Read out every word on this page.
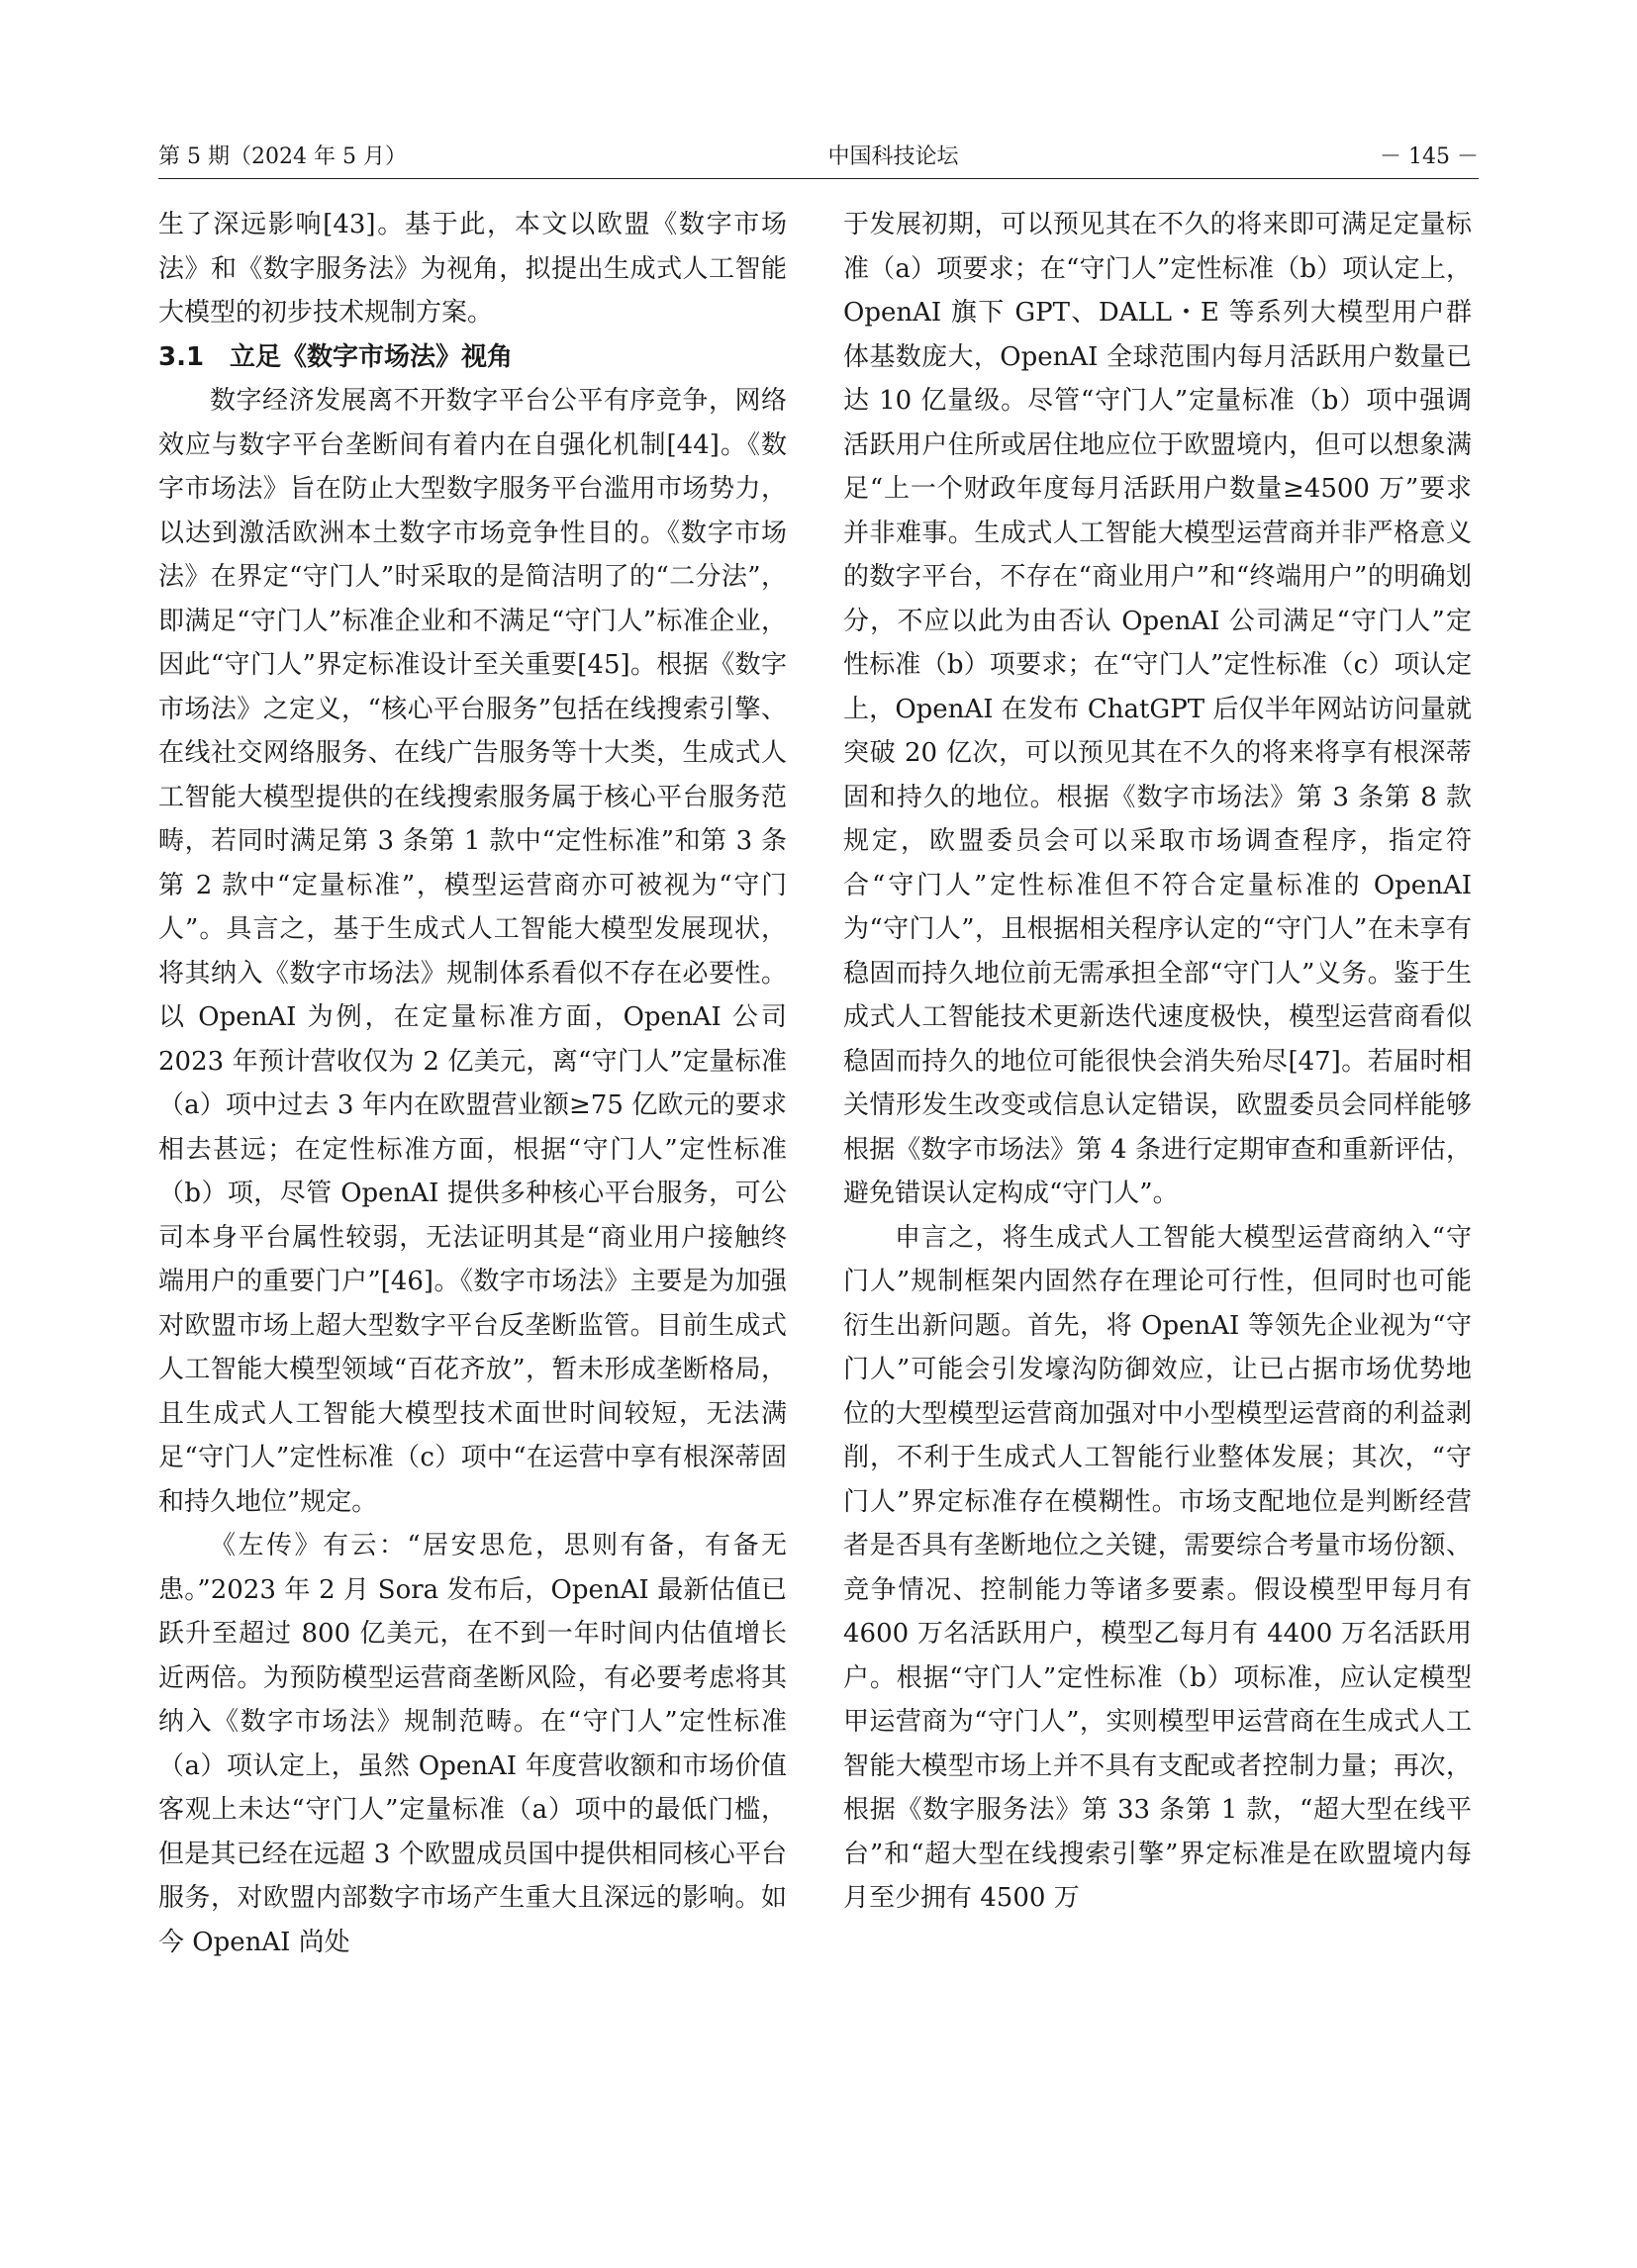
第 5 期（2024 年 5 月）	中国科技论坛	－ 145 －

生了深远影响[43]。基于此，本文以欧盟《数字市场法》和《数字服务法》为视角，拟提出生成式人工智能大模型的初步技术规制方案。

3.1　立足《数字市场法》视角

数字经济发展离不开数字平台公平有序竞争，网络效应与数字平台垄断间有着内在自强化机制[44]。《数字市场法》旨在防止大型数字服务平台滥用市场势力，以达到激活欧洲本土数字市场竞争性目的。《数字市场法》在界定“守门人”时采取的是简洁明了的“二分法”，即满足“守门人”标准企业和不满足“守门人”标准企业，因此“守门人”界定标准设计至关重要[45]。根据《数字市场法》之定义，“核心平台服务”包括在线搜索引擎、在线社交网络服务、在线广告服务等十大类，生成式人工智能大模型提供的在线搜索服务属于核心平台服务范畴，若同时满足第 3 条第 1 款中“定性标准”和第 3 条第 2 款中“定量标准”，模型运营商亦可被视为“守门人”。具言之，基于生成式人工智能大模型发展现状，将其纳入《数字市场法》规制体系看似不存在必要性。以 OpenAI 为例，在定量标准方面，OpenAI 公司 2023 年预计营收仅为 2 亿美元，离“守门人”定量标准（a）项中过去 3 年内在欧盟营业额≥75 亿欧元的要求相去甚远；在定性标准方面，根据“守门人”定性标准（b）项，尽管 OpenAI 提供多种核心平台服务，可公司本身平台属性较弱，无法证明其是“商业用户接触终端用户的重要门户”[46]。《数字市场法》主要是为加强对欧盟市场上超大型数字平台反垄断监管。目前生成式人工智能大模型领域“百花齐放”，暂未形成垄断格局，且生成式人工智能大模型技术面世时间较短，无法满足“守门人”定性标准（c）项中“在运营中享有根深蒂固和持久地位”规定。

《左传》有云：“居安思危，思则有备，有备无患。”2023 年 2 月 Sora 发布后，OpenAI 最新估值已跃升至超过 800 亿美元，在不到一年时间内估值增长近两倍。为预防模型运营商垄断风险，有必要考虑将其纳入《数字市场法》规制范畴。在“守门人”定性标准（a）项认定上，虽然 OpenAI 年度营收额和市场价值客观上未达“守门人”定量标准（a）项中的最低门槛，但是其已经在远超 3 个欧盟成员国中提供相同核心平台服务，对欧盟内部数字市场产生重大且深远的影响。如今 OpenAI 尚处

于发展初期，可以预见其在不久的将来即可满足定量标准（a）项要求；在“守门人”定性标准（b）项认定上，OpenAI 旗下 GPT、DALL・E 等系列大模型用户群体基数庞大，OpenAI 全球范围内每月活跃用户数量已达 10 亿量级。尽管“守门人”定量标准（b）项中强调活跃用户住所或居住地应位于欧盟境内，但可以想象满足“上一个财政年度每月活跃用户数量≥4500 万”要求并非难事。生成式人工智能大模型运营商并非严格意义的数字平台，不存在“商业用户”和“终端用户”的明确划分，不应以此为由否认 OpenAI 公司满足“守门人”定性标准（b）项要求；在“守门人”定性标准（c）项认定上，OpenAI 在发布 ChatGPT 后仅半年网站访问量就突破 20 亿次，可以预见其在不久的将来将享有根深蒂固和持久的地位。根据《数字市场法》第 3 条第 8 款规定，欧盟委员会可以采取市场调查程序，指定符合“守门人”定性标准但不符合定量标准的 OpenAI 为“守门人”，且根据相关程序认定的“守门人”在未享有稳固而持久地位前无需承担全部“守门人”义务。鉴于生成式人工智能技术更新迭代速度极快，模型运营商看似稳固而持久的地位可能很快会消失殆尽[47]。若届时相关情形发生改变或信息认定错误，欧盟委员会同样能够根据《数字市场法》第 4 条进行定期审查和重新评估，避免错误认定构成“守门人”。

申言之，将生成式人工智能大模型运营商纳入“守门人”规制框架内固然存在理论可行性，但同时也可能衍生出新问题。首先，将 OpenAI 等领先企业视为“守门人”可能会引发壕沟防御效应，让已占据市场优势地位的大型模型运营商加强对中小型模型运营商的利益剥削，不利于生成式人工智能行业整体发展；其次，“守门人”界定标准存在模糊性。市场支配地位是判断经营者是否具有垄断地位之关键，需要综合考量市场份额、竞争情况、控制能力等诸多要素。假设模型甲每月有 4600 万名活跃用户，模型乙每月有 4400 万名活跃用户。根据“守门人”定性标准（b）项标准，应认定模型甲运营商为“守门人”，实则模型甲运营商在生成式人工智能大模型市场上并不具有支配或者控制力量；再次，根据《数字服务法》第 33 条第 1 款，“超大型在线平台”和“超大型在线搜索引擎”界定标准是在欧盟境内每月至少拥有 4500 万
